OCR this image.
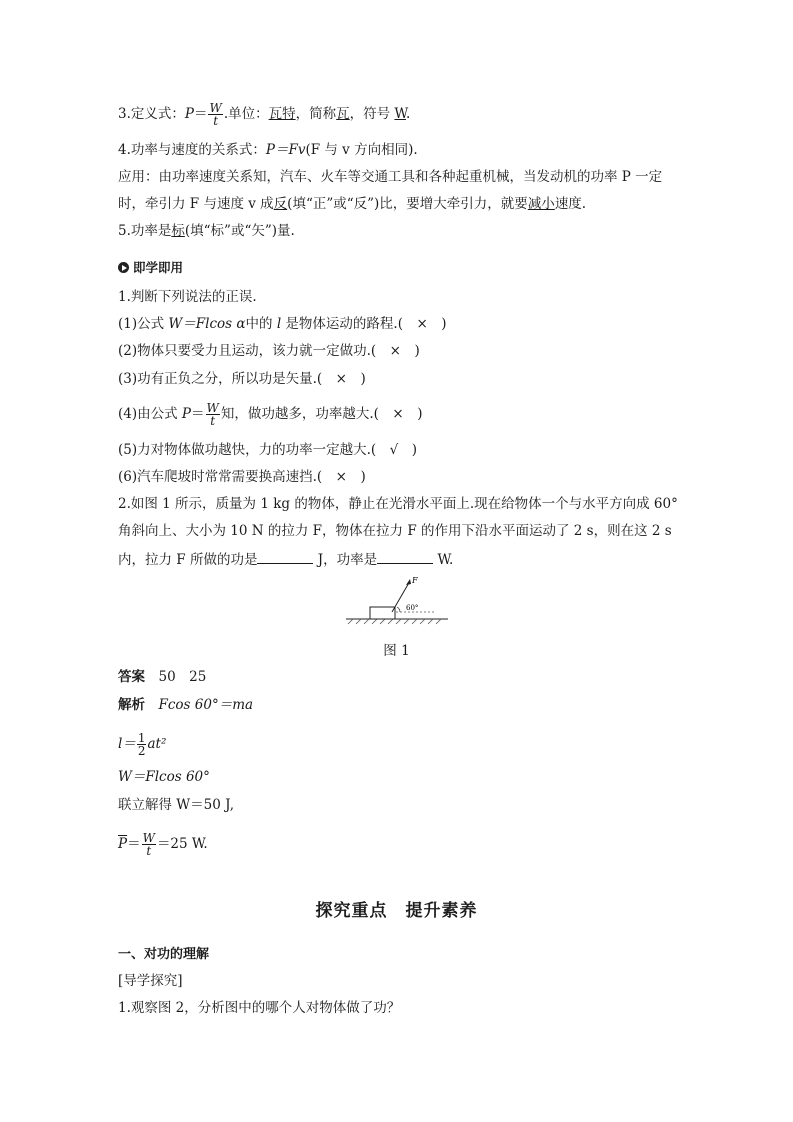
3.定义式：$P= \frac{W}{t}$ .单位：瓦特，简称瓦，符号 W.
4.功率与速度的关系式：P＝Fv(F 与 v 方向相同).
应用：由功率速度关系知，汽车、火车等交通工具和各种起重机械，当发动机的功率 P 一定
时，牵引力 F 与速度 v 成反(填“正”或“反”)比，要增大牵引力，就要减小速度.
5.功率是标(填“标”或“矢”)量.
即学即用
1.判断下列说法的正误.
(1)公式 W＝Flcos α中的 l 是物体运动的路程.(　×　)
(2)物体只要受力且运动，该力就一定做功.(　×　)
(3)功有正负之分，所以功是矢量.(　×　)
(4)由公式 $P= \frac{W}{t}$ 知，做功越多，功率越大.(　×　)
(5)力对物体做功越快，力的功率一定越大.(　√　)
(6)汽车爬坡时常常需要换高速挡.(　×　)
2.如图 1 所示，质量为 1 kg 的物体，静止在光滑水平面上.现在给物体一个与水平方向成 60°
角斜向上、大小为 10 N 的拉力 F，物体在拉力 F 的作用下沿水平面运动了 2 s，则在这 2 s
内，拉力 F 所做的功是	J，功率是	W.
F
60°
图 1
答案　 50　25
解析　 Fcos 60°＝ma
$l= \frac{1}{2} at^2$
W＝Flcos 60°
联立解得 W＝50 J,
$\overline{P}= \frac{W}{t} =25$ W.
探究重点　提升素养
一、对功的理解
[导学探究]
1.观察图 2，分析图中的哪个人对物体做了功？
